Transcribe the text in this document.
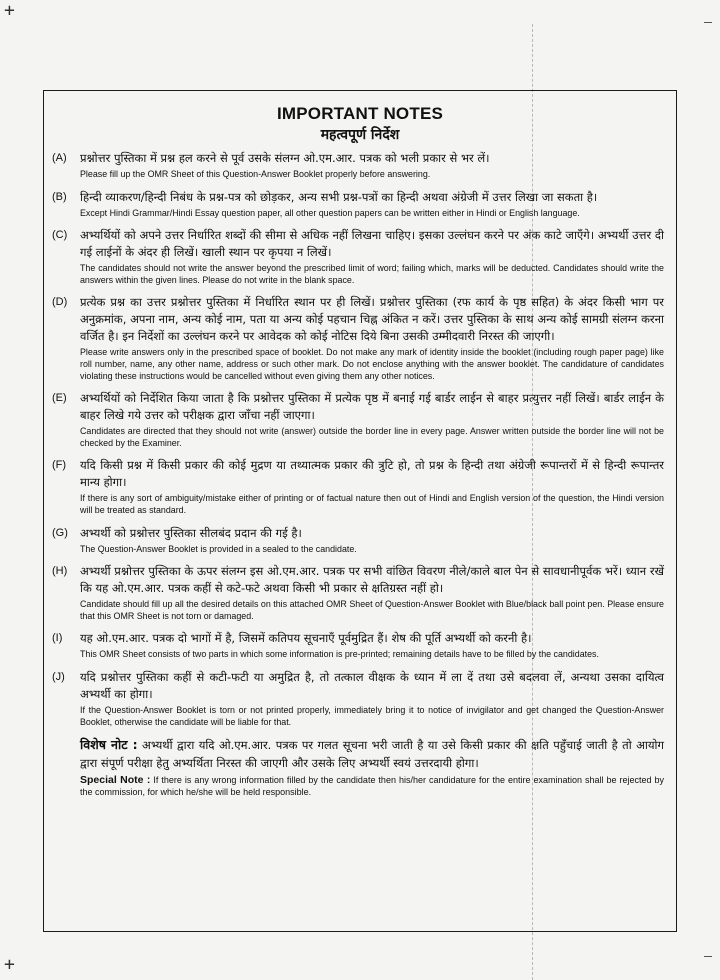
+
+
IMPORTANT NOTES
महत्वपूर्ण निर्देश
(A)	प्रश्नोत्तर पुस्तिका में प्रश्न हल करने से पूर्व उसके संलग्न ओ.एम.आर. पत्रक को भली प्रकार से भर लें।
Please fill up the OMR Sheet of this Question-Answer Booklet properly before answering.
(B)	हिन्दी व्याकरण/हिन्दी निबंध के प्रश्न-पत्र को छोड़कर, अन्य सभी प्रश्न-पत्रों का हिन्दी अथवा अंग्रेजी में उत्तर लिखा जा सकता है।
Except Hindi Grammar/Hindi Essay question paper, all other question papers can be written either in Hindi or English language.
(C)	अभ्यर्थियों को अपने उत्तर निर्धारित शब्दों की सीमा से अधिक नहीं लिखना चाहिए। इसका उल्लंघन करने पर अंक काटे जाएँगे। अभ्यर्थी उत्तर दी गई लाईनों के अंदर ही लिखें। खाली स्थान पर कृपया न लिखें।
The candidates should not write the answer beyond the prescribed limit of word; failing which, marks will be deducted. Candidates should write the answers within the given lines. Please do not write in the blank space.
(D)	प्रत्येक प्रश्न का उत्तर प्रश्नोत्तर पुस्तिका में निर्धारित स्थान पर ही लिखें। प्रश्नोत्तर पुस्तिका (रफ कार्य के पृष्ठ सहित) के अंदर किसी भाग पर अनुक्रमांक, अपना नाम, अन्य कोई नाम, पता या अन्य कोई पहचान चिह्न अंकित न करें। उत्तर पुस्तिका के साथ अन्य कोई सामग्री संलग्न करना वर्जित है। इन निर्देशों का उल्लंघन करने पर आवेदक को कोई नोटिस दिये बिना उसकी उम्मीदवारी निरस्त की जाएगी।
Please write answers only in the prescribed space of booklet. Do not make any mark of identity inside the booklet (including rough paper page) like roll number, name, any other name, address or such other mark. Do not enclose anything with the answer booklet. The candidature of candidates violating these instructions would be cancelled without even giving them any other notices.
(E)	अभ्यर्थियों को निर्देशित किया जाता है कि प्रश्नोत्तर पुस्तिका में प्रत्येक पृष्ठ में बनाई गई बार्डर लाईन से बाहर प्रत्युत्तर नहीं लिखें। बार्डर लाईन के बाहर लिखे गये उत्तर को परीक्षक द्वारा जाँचा नहीं जाएगा।
Candidates are directed that they should not write (answer) outside the border line in every page. Answer written outside the border line will not be checked by the Examiner.
(F)	यदि किसी प्रश्न में किसी प्रकार की कोई मुद्रण या तथ्यात्मक प्रकार की त्रुटि हो, तो प्रश्न के हिन्दी तथा अंग्रेजी रूपान्तरों में से हिन्दी रूपान्तर मान्य होगा।
If there is any sort of ambiguity/mistake either of printing or of factual nature then out of Hindi and English version of the question, the Hindi version will be treated as standard.
(G)	अभ्यर्थी को प्रश्नोत्तर पुस्तिका सीलबंद प्रदान की गई है।
The Question-Answer Booklet is provided in a sealed to the candidate.
(H)	अभ्यर्थी प्रश्नोत्तर पुस्तिका के ऊपर संलग्न इस ओ.एम.आर. पत्रक पर सभी वांछित विवरण नीले/काले बाल पेन से सावधानीपूर्वक भरें। ध्यान रखें कि यह ओ.एम.आर. पत्रक कहीं से कटे-फटे अथवा किसी भी प्रकार से क्षतिग्रस्त नहीं हो।
Candidate should fill up all the desired details on this attached OMR Sheet of Question-Answer Booklet with Blue/black ball point pen. Please ensure that this OMR Sheet is not torn or damaged.
(I)	यह ओ.एम.आर. पत्रक दो भागों में है, जिसमें कतिपय सूचनाएँ पूर्वमुद्रित हैं। शेष की पूर्ति अभ्यर्थी को करनी है।
This OMR Sheet consists of two parts in which some information is pre-printed; remaining details have to be filled by the candidates.
(J)	यदि प्रश्नोत्तर पुस्तिका कहीं से कटी-फटी या अमुद्रित है, तो तत्काल वीक्षक के ध्यान में ला दें तथा उसे बदलवा लें, अन्यथा उसका दायित्व अभ्यर्थी का होगा।
If the Question-Answer Booklet is torn or not printed properly, immediately bring it to notice of invigilator and get changed the Question-Answer Booklet, otherwise the candidate will be liable for that.
विशेष नोट : अभ्यर्थी द्वारा यदि ओ.एम.आर. पत्रक पर गलत सूचना भरी जाती है या उसे किसी प्रकार की क्षति पहुँचाई जाती है तो आयोग द्वारा संपूर्ण परीक्षा हेतु अभ्यर्थिता निरस्त की जाएगी और उसके लिए अभ्यर्थी स्वयं उत्तरदायी होगा।
Special Note : If there is any wrong information filled by the candidate then his/her candidature for the entire examination shall be rejected by the commission, for which he/she will be held responsible.
